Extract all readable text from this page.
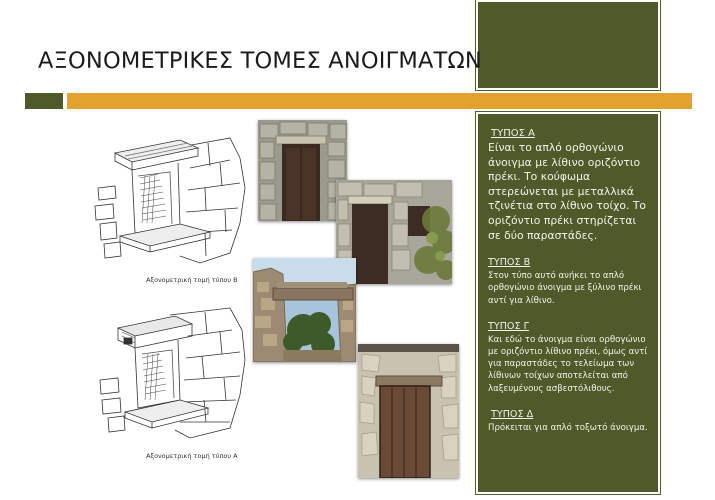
ΑΞΟΝΟΜΕΤΡΙΚΕΣ ΤΟΜΕΣ ΑΝΟΙΓΜΑΤΩΝ
Αξονομετρική τομή τύπου Β
Αξονομετρική τομή τύπου Α
ΤΥΠΟΣ Α
Είναι το απλό ορθογώνιο άνοιγμα με λίθινο οριζόντιο πρέκι. Το κούφωμα στερεώνεται με μεταλλικά τζινέτια στο λίθινο τοίχο. Το οριζόντιο πρέκι στηρίζεται σε δύο παραστάδες.
ΤΥΠΟΣ Β
Στον τύπο αυτό ανήκει το απλό ορθογώνιο άνοιγμα με ξύλινο πρέκι αντί για λίθινο.
ΤΥΠΟΣ Γ
Και εδώ το άνοιγμα είναι ορθογώνιο με οριζόντιο λίθινο πρέκι, όμως αντί για παραστάδες το τελείωμα των λίθινων τοίχων αποτελείται από λαξευμένους ασβεστόλιθους.
ΤΥΠΟΣ Δ
Πρόκειται για απλό τοξωτό άνοιγμα.
